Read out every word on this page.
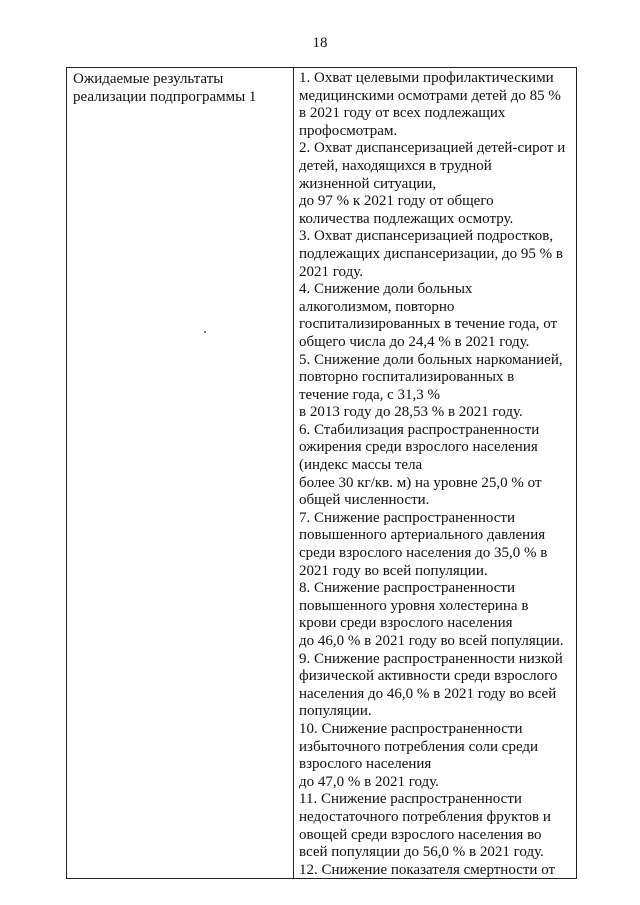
18
Ожидаемые результаты
реализации подпрограммы 1
1. Охват целевыми профилактическими
медицинскими осмотрами детей до 85 %
в 2021 году от всех подлежащих
профосмотрам.
2. Охват диспансеризацией детей-сирот и
детей, находящихся в трудной
жизненной ситуации,
до 97 % к 2021 году от общего
количества подлежащих осмотру.
3. Охват диспансеризацией подростков,
подлежащих диспансеризации, до 95 % в
2021 году.
4. Снижение доли больных
алкоголизмом, повторно
госпитализированных в течение года, от
общего числа до 24,4 % в 2021 году.
5. Снижение доли больных наркоманией,
повторно госпитализированных в
течение года, с 31,3 %
в 2013 году до 28,53 % в 2021 году.
6. Стабилизация распространенности
ожирения среди взрослого населения
(индекс массы тела
более 30 кг/кв. м) на уровне 25,0 % от
общей численности.
7. Снижение распространенности
повышенного артериального давления
среди взрослого населения до 35,0 % в
2021 году во всей популяции.
8. Снижение распространенности
повышенного уровня холестерина в
крови среди взрослого населения
до 46,0 % в 2021 году во всей популяции.
9. Снижение распространенности низкой
физической активности среди взрослого
населения до 46,0 % в 2021 году во всей
популяции.
10. Снижение распространенности
избыточного потребления соли среди
взрослого населения
до 47,0 % в 2021 году.
11. Снижение распространенности
недостаточного потребления фруктов и
овощей среди взрослого населения во
всей популяции до 56,0 % в 2021 году.
12. Снижение показателя смертности от
